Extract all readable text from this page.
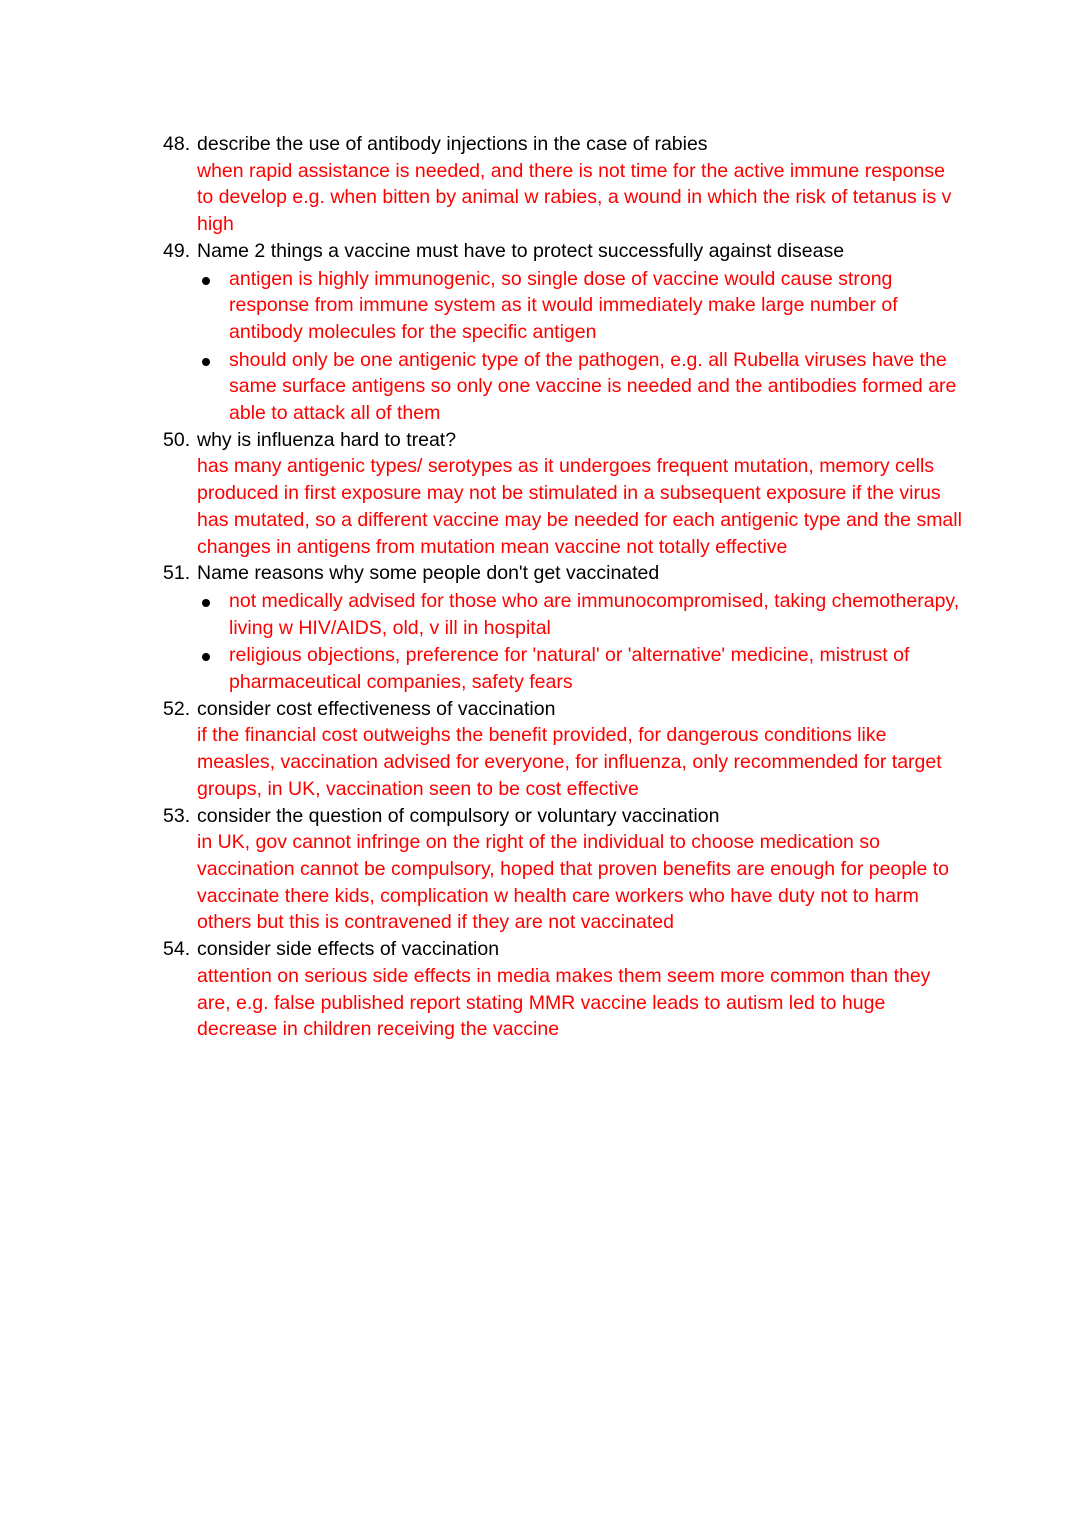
48. describe the use of antibody injections in the case of rabies
when rapid assistance is needed, and there is not time for the active immune response to develop e.g. when bitten by animal w rabies, a wound in which the risk of tetanus is v high
49. Name 2 things a vaccine must have to protect successfully against disease
antigen is highly immunogenic, so single dose of vaccine would cause strong response from immune system as it would immediately make large number of antibody molecules for the specific antigen
should only be one antigenic type of the pathogen, e.g. all Rubella viruses have the same surface antigens so only one vaccine is needed and the antibodies formed are able to attack all of them
50. why is influenza hard to treat?
has many antigenic types/ serotypes as it undergoes frequent mutation, memory cells produced in first exposure may not be stimulated in a subsequent exposure if the virus has mutated, so a different vaccine may be needed for each antigenic type and the small changes in antigens from mutation mean vaccine not totally effective
51. Name reasons why some people don't get vaccinated
not medically advised for those who are immunocompromised, taking chemotherapy, living w HIV/AIDS, old, v ill in hospital
religious objections, preference for 'natural' or 'alternative' medicine, mistrust of pharmaceutical companies, safety fears
52. consider cost effectiveness of vaccination
if the financial cost outweighs the benefit provided, for dangerous conditions like measles, vaccination advised for everyone, for influenza, only recommended for target groups, in UK, vaccination seen to be cost effective
53. consider the question of compulsory or voluntary vaccination
in UK, gov cannot infringe on the right of the individual to choose medication so vaccination cannot be compulsory, hoped that proven benefits are enough for people to vaccinate there kids, complication w health care workers who have duty not to harm others but this is contravened if they are not vaccinated
54. consider side effects of vaccination
attention on serious side effects in media makes them seem more common than they are, e.g. false published report stating MMR vaccine leads to autism led to huge decrease in children receiving the vaccine
